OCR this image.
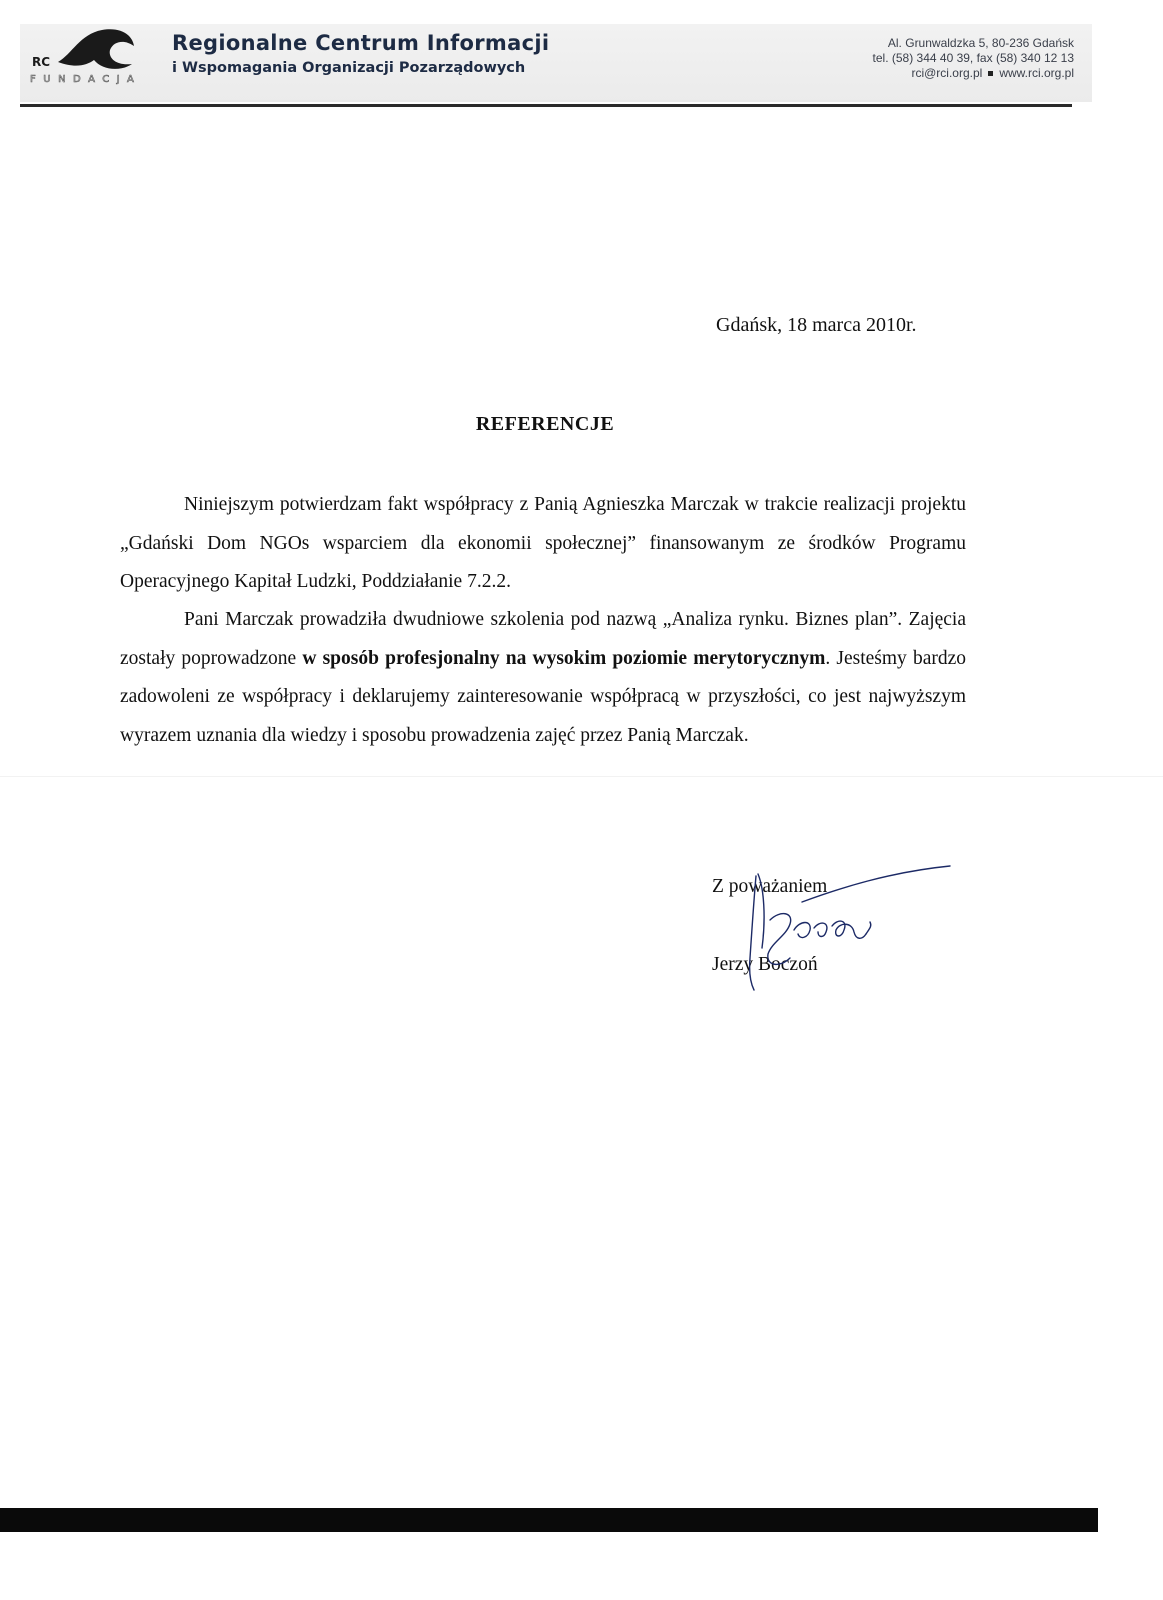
RC
FUNDACJA
Regionalne Centrum Informacji
i Wspomagania Organizacji Pozarządowych
Al. Grunwaldzka 5, 80-236 Gdańsk
tel. (58) 344 40 39, fax (58) 340 12 13
rci@rci.org.pl www.rci.org.pl
Gdańsk, 18 marca 2010r.
REFERENCJE

Niniejszym potwierdzam fakt współpracy z Panią Agnieszka Marczak w trakcie realizacji projektu „Gdański Dom NGOs wsparciem dla ekonomii społecznej” finansowanym ze środków Programu Operacyjnego Kapitał Ludzki, Poddziałanie 7.2.2.

Pani Marczak prowadziła dwudniowe szkolenia pod nazwą „Analiza rynku. Biznes plan”. Zajęcia zostały poprowadzone w sposób profesjonalny na wysokim poziomie merytorycznym. Jesteśmy bardzo zadowoleni ze współpracy i deklarujemy zainteresowanie współpracą w przyszłości, co jest najwyższym wyrazem uznania dla wiedzy i sposobu prowadzenia zajęć przez Panią Marczak.

Z poważaniem
Jerzy Boczoń
